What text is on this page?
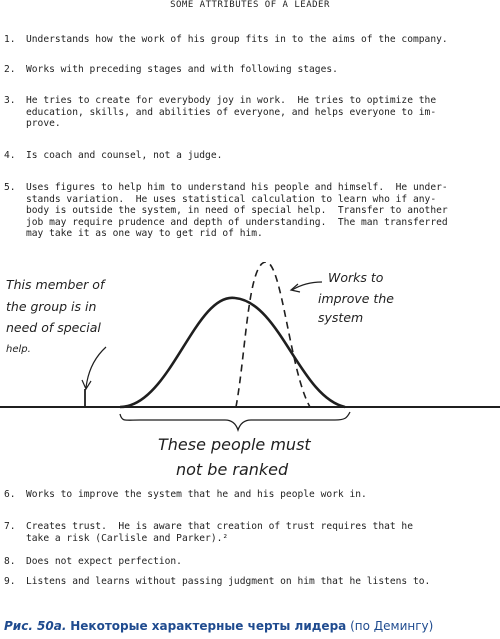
SOME ATTRIBUTES OF A LEADER
1. Understands how the work of his group fits in to the aims of the company.
2. Works with preceding stages and with following stages.
3. He tries to create for everybody joy in work.  He tries to optimize the
education, skills, and abilities of everyone, and helps everyone to im-
prove.
4. Is coach and counsel, not a judge.
5. Uses figures to help him to understand his people and himself.  He under-
stands variation.  He uses statistical calculation to learn who if any-
body is outside the system, in need of special help.  Transfer to another
job may require prudence and depth of understanding.  The man transferred
may take it as one way to get rid of him.
This member of
the group is in
need of special
help.
Works to
improve the
system
These people must
not be ranked
6. Works to improve the system that he and his people work in.
7. Creates trust.  He is aware that creation of trust requires that he
take a risk (Carlisle and Parker).²
8. Does not expect perfection.
9. Listens and learns without passing judgment on him that he listens to.
Рис. 50а. Некоторые характерные черты лидера (по Демингу)
